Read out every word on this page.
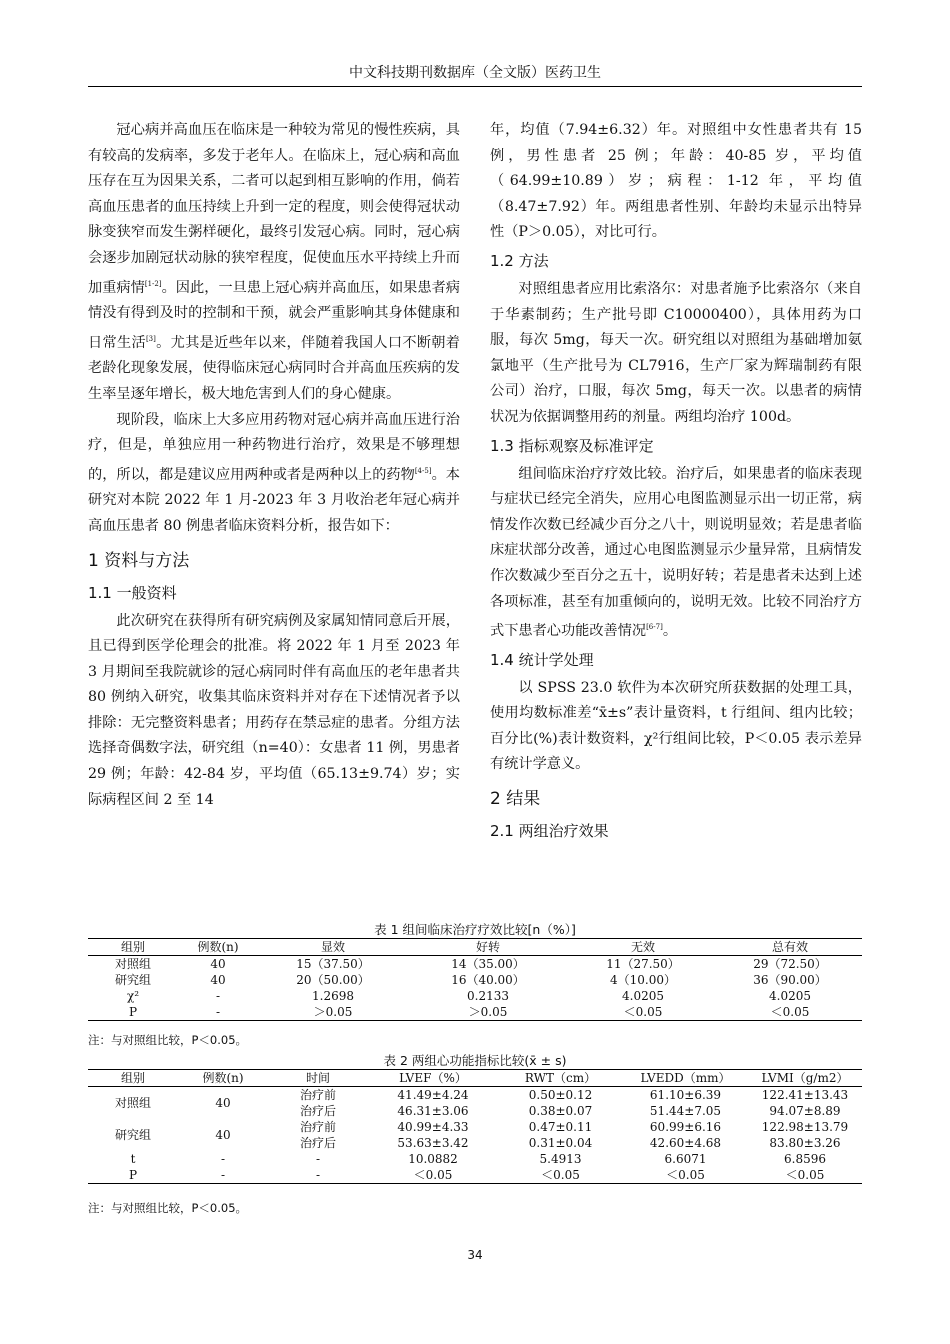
中文科技期刊数据库（全文版）医药卫生

冠心病并高血压在临床是一种较为常见的慢性疾病，具有较高的发病率，多发于老年人。在临床上，冠心病和高血压存在互为因果关系，二者可以起到相互影响的作用，倘若高血压患者的血压持续上升到一定的程度，则会使得冠状动脉变狭窄而发生粥样硬化，最终引发冠心病。同时，冠心病会逐步加剧冠状动脉的狭窄程度，促使血压水平持续上升而加重病情[1-2]。因此，一旦患上冠心病并高血压，如果患者病情没有得到及时的控制和干预，就会严重影响其身体健康和日常生活[3]。尤其是近些年以来，伴随着我国人口不断朝着老龄化现象发展，使得临床冠心病同时合并高血压疾病的发生率呈逐年增长，极大地危害到人们的身心健康。

现阶段，临床上大多应用药物对冠心病并高血压进行治疗，但是，单独应用一种药物进行治疗，效果是不够理想的，所以，都是建议应用两种或者是两种以上的药物[4-5]。本研究对本院 2022 年 1 月-2023 年 3 月收治老年冠心病并高血压患者 80 例患者临床资料分析，报告如下：

1 资料与方法
1.1 一般资料

此次研究在获得所有研究病例及家属知情同意后开展，且已得到医学伦理会的批准。将 2022 年 1 月至 2023 年 3 月期间至我院就诊的冠心病同时伴有高血压的老年患者共 80 例纳入研究，收集其临床资料并对存在下述情况者予以排除：无完整资料患者；用药存在禁忌症的患者。分组方法选择奇偶数字法，研究组（n=40）：女患者 11 例，男患者 29 例；年龄：42-84 岁，平均值（65.13±9.74）岁；实际病程区间 2 至 14

年，均值（7.94±6.32）年。对照组中女性患者共有 15 例，男性患者 25 例；年龄：40-85 岁，平均值（64.99±10.89）岁；病程：1-12 年，平均值（8.47±7.92）年。两组患者性别、年龄均未显示出特异性（P＞0.05），对比可行。

1.2 方法

对照组患者应用比索洛尔：对患者施予比索洛尔（来自于华素制药；生产批号即 C10000400），具体用药为口服，每次 5mg，每天一次。研究组以对照组为基础增加氨氯地平（生产批号为 CL7916，生产厂家为辉瑞制药有限公司）治疗，口服，每次 5mg，每天一次。以患者的病情状况为依据调整用药的剂量。两组均治疗 100d。

1.3 指标观察及标准评定

组间临床治疗疗效比较。治疗后，如果患者的临床表现与症状已经完全消失，应用心电图监测显示出一切正常，病情发作次数已经减少百分之八十，则说明显效；若是患者临床症状部分改善，通过心电图监测显示少量异常，且病情发作次数减少至百分之五十，说明好转；若是患者未达到上述各项标准，甚至有加重倾向的，说明无效。比较不同治疗方式下患者心功能改善情况[6-7]。

1.4 统计学处理

以 SPSS 23.0 软件为本次研究所获数据的处理工具，使用均数标准差“x̄±s”表计量资料，t 行组间、组内比较；百分比(%)表计数资料，χ²行组间比较，P＜0.05 表示差异有统计学意义。

2 结果
2.1 两组治疗效果
表 1 组间临床治疗疗效比较[n（%）]
组别	例数(n)	显效	好转	无效	总有效
对照组	40	15（37.50）	14（35.00）	11（27.50）	29（72.50）
研究组	40	20（50.00）	16（40.00）	4（10.00）	36（90.00）
χ²	-	1.2698	0.2133	4.0205	4.0205
P	-	＞0.05	＞0.05	＜0.05	＜0.05
注：与对照组比较，P＜0.05。
表 2 两组心功能指标比较(x̄ ± s)
组别	例数(n)	时间	LVEF（%）	RWT（cm）	LVEDD（mm）	LVMI（g/m2）
对照组	40	治疗前	41.49±4.24	0.50±0.12	61.10±6.39	122.41±13.43
		治疗后	46.31±3.06	0.38±0.07	51.44±7.05	94.07±8.89
研究组	40	治疗前	40.99±4.33	0.47±0.11	60.99±6.16	122.98±13.79
		治疗后	53.63±3.42	0.31±0.04	42.60±4.68	83.80±3.26
t	-	-	10.0882	5.4913	6.6071	6.8596
P	-	-	＜0.05	＜0.05	＜0.05	＜0.05
注：与对照组比较，P＜0.05。
34
